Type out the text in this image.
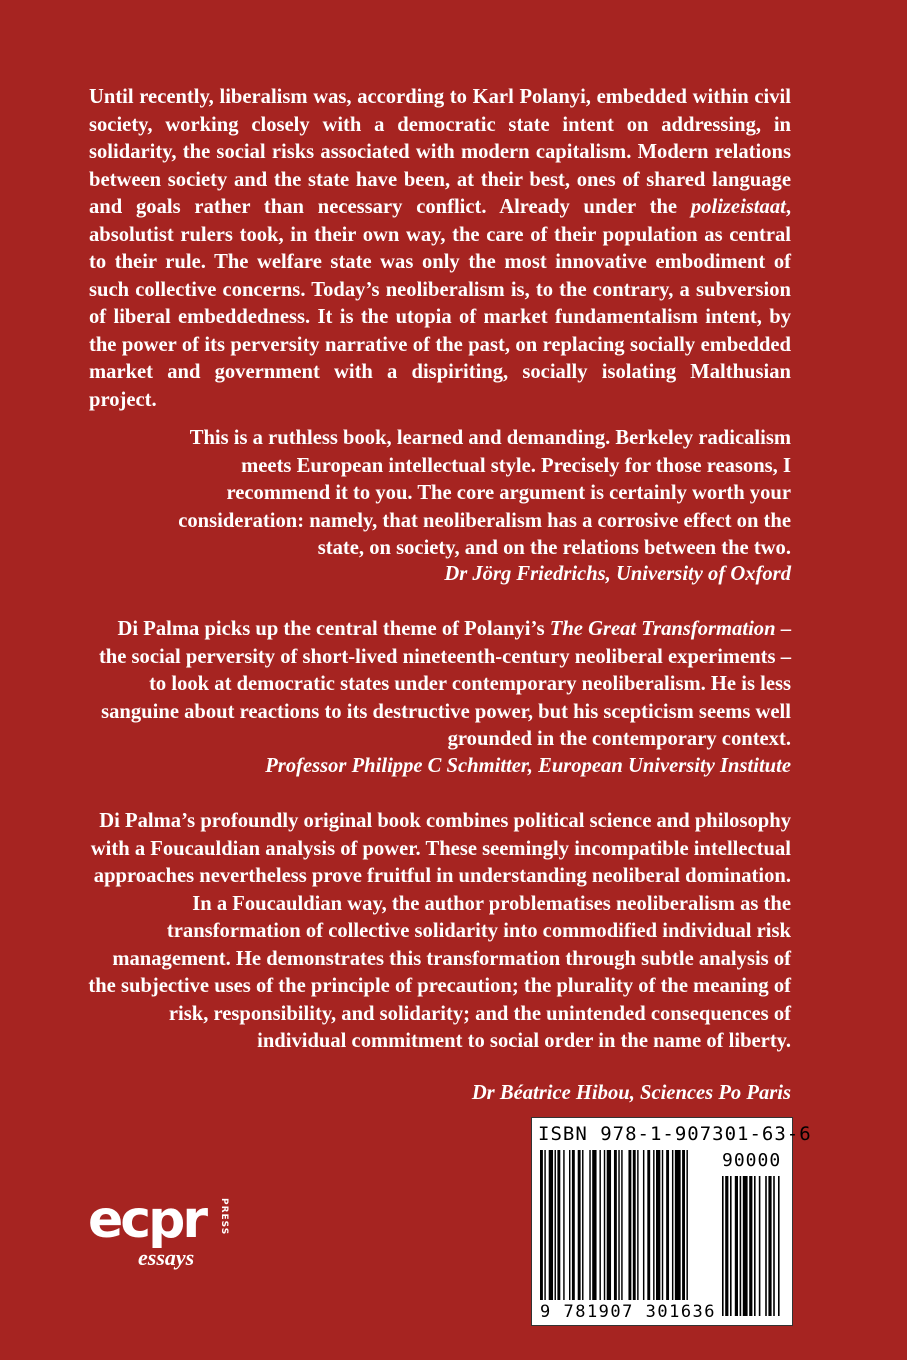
Until recently, liberalism was, according to Karl Polanyi, embedded within civil society, working closely with a democratic state intent on addressing, in solidarity, the social risks associated with modern capitalism. Modern relations between society and the state have been, at their best, ones of shared language and goals rather than necessary conflict. Already under the polizeistaat, absolutist rulers took, in their own way, the care of their population as central to their rule. The welfare state was only the most innovative embodiment of such collective concerns. Today’s neoliberalism is, to the contrary, a subversion of liberal embeddedness. It is the utopia of market fundamentalism intent, by the power of its perversity narrative of the past, on replacing socially embedded market and government with a dispiriting, socially isolating Malthusian project.

This is a ruthless book, learned and demanding. Berkeley radicalism meets European intellectual style. Precisely for those reasons, I recommend it to you. The core argument is certainly worth your consideration: namely, that neoliberalism has a corrosive effect on the state, on society, and on the relations between the two.

Dr Jörg Friedrichs, University of Oxford

Di Palma picks up the central theme of Polanyi’s The Great Transformation – the social perversity of short-lived nineteenth-century neoliberal experiments – to look at democratic states under contemporary neoliberalism. He is less sanguine about reactions to its destructive power, but his scepticism seems well grounded in the contemporary context.

Professor Philippe C Schmitter, European University Institute

Di Palma’s profoundly original book combines political science and philosophy with a Foucauldian analysis of power. These seemingly incompatible intellectual approaches nevertheless prove fruitful in understanding neoliberal domination. In a Foucauldian way, the author problematises neoliberalism as the transformation of collective solidarity into commodified individual risk management. He demonstrates this transformation through subtle analysis of the subjective uses of the principle of precaution; the plurality of the meaning of risk, responsibility, and solidarity; and the unintended consequences of individual commitment to social order in the name of liberty.

Dr Béatrice Hibou, Sciences Po Paris

ecpr PRESS
essays
ISBN 978-1-907301-63-6
90000
9 781907 301636
